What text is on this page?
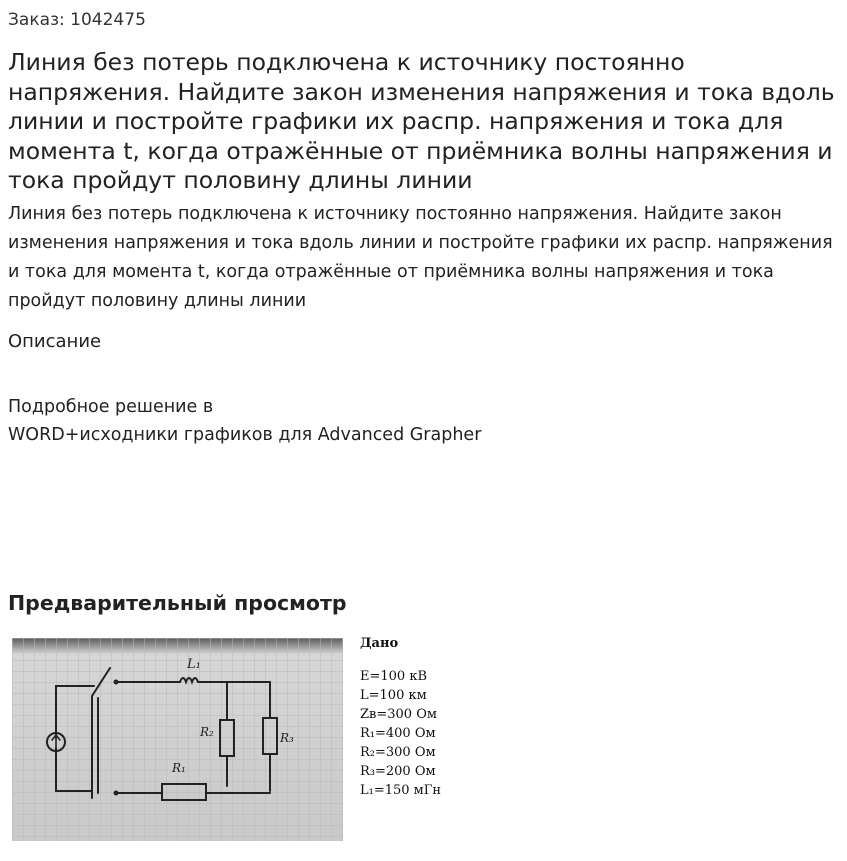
Заказ: 1042475
Линия без потерь подключена к источнику постоянно напряжения. Найдите закон изменения напряжения и тока вдоль линии и постройте графики их распр. напряжения и тока для момента t, когда отражённые от приёмника волны напряжения и тока пройдут половину длины линии

Линия без потерь подключена к источнику постоянно напряжения. Найдите закон изменения напряжения и тока вдоль линии и постройте графики их распр. напряжения и тока для момента t, когда отражённые от приёмника волны напряжения и тока пройдут половину длины линии

Описание
Подробное решение в
WORD+исходники графиков для Advanced Grapher
Предварительный просмотр
L₁
R₂	R₃
R₁
Дано
E=100 кВ
L=100 км
Zв=300 Ом
R₁=400 Ом
R₂=300 Ом
R₃=200 Ом
L₁=150 мГн
